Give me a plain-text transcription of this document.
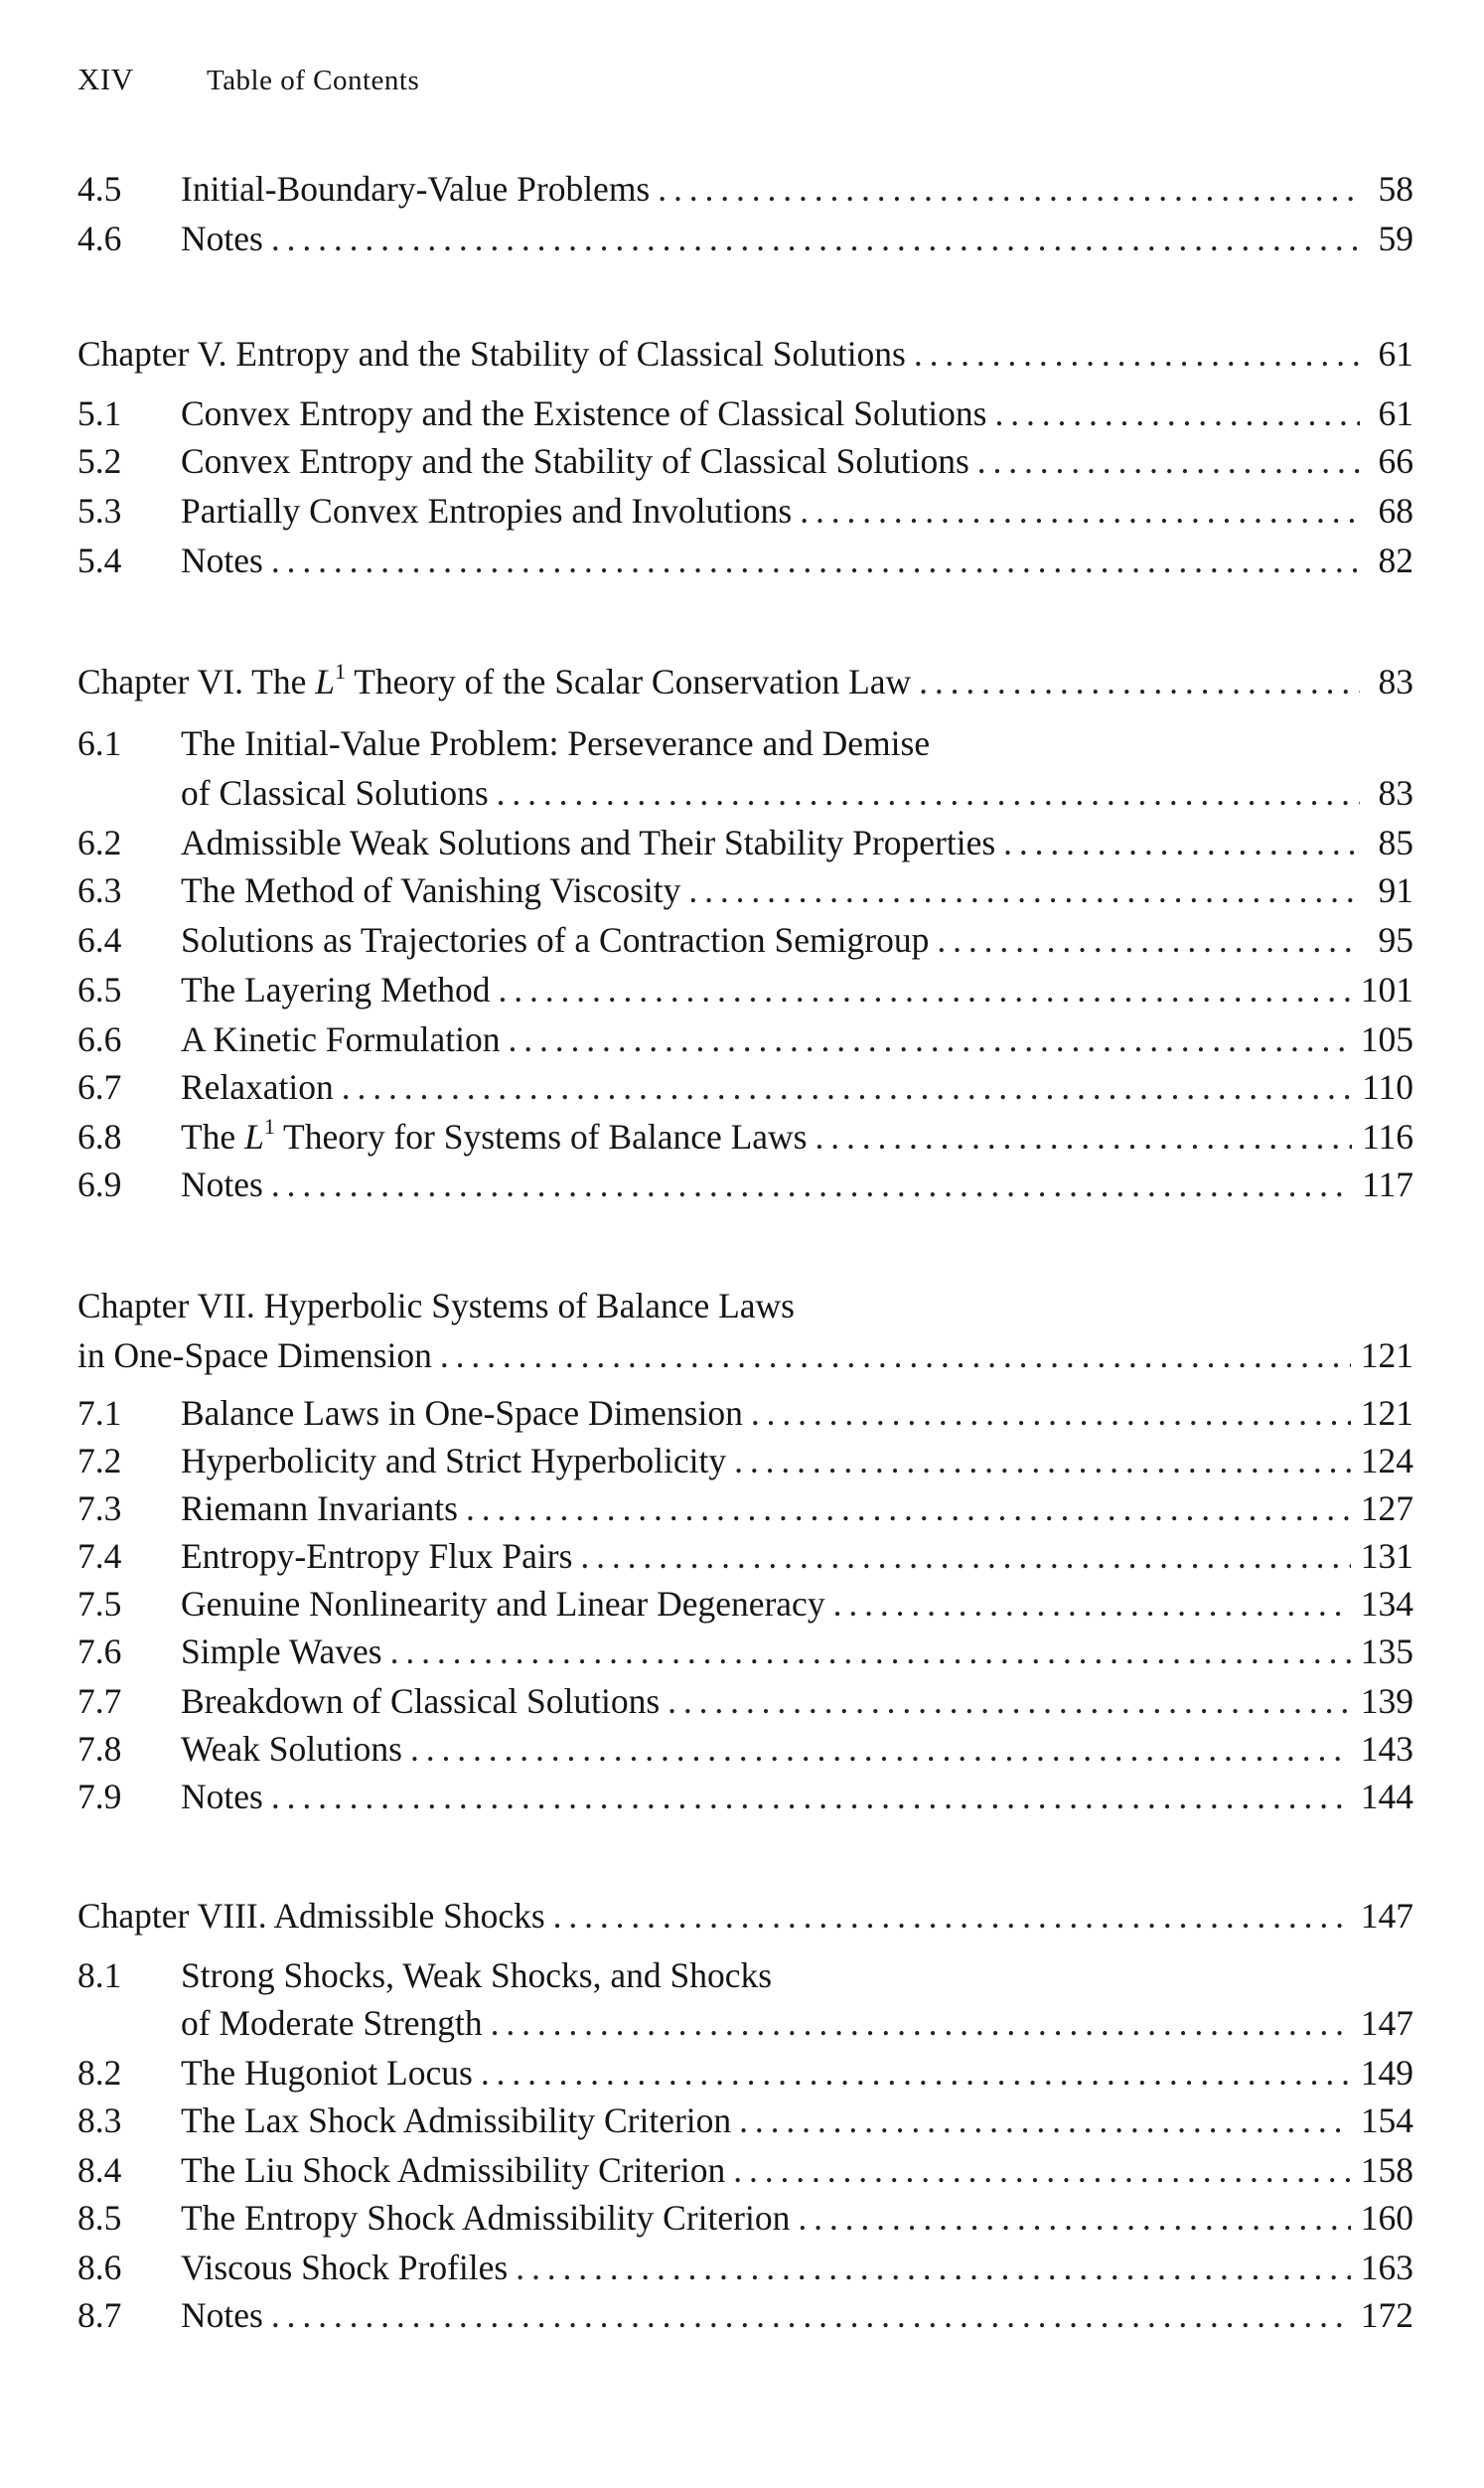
XIV	Table of Contents
4.5	Initial-Boundary-Value Problems . . .	58
4.6	Notes . . .	59
Chapter V. Entropy and the Stability of Classical Solutions . . .	61
5.1	Convex Entropy and the Existence of Classical Solutions . . .	61
5.2	Convex Entropy and the Stability of Classical Solutions . . .	66
5.3	Partially Convex Entropies and Involutions . . .	68
5.4	Notes . . .	82
Chapter VI. The $L^1$ Theory of the Scalar Conservation Law . . .	83
6.1	The Initial-Value Problem: Perseverance and Demise
of Classical Solutions . . .	83
6.2	Admissible Weak Solutions and Their Stability Properties . . .	85
6.3	The Method of Vanishing Viscosity . . .	91
6.4	Solutions as Trajectories of a Contraction Semigroup . . .	95
6.5	The Layering Method . . .	101
6.6	A Kinetic Formulation . . .	105
6.7	Relaxation . . .	110
6.8	The $L^1$ Theory for Systems of Balance Laws . . .	116
6.9	Notes . . .	117
Chapter VII. Hyperbolic Systems of Balance Laws
in One-Space Dimension . . .	121
7.1	Balance Laws in One-Space Dimension . . .	121
7.2	Hyperbolicity and Strict Hyperbolicity . . .	124
7.3	Riemann Invariants . . .	127
7.4	Entropy-Entropy Flux Pairs . . .	131
7.5	Genuine Nonlinearity and Linear Degeneracy . . .	134
7.6	Simple Waves . . .	135
7.7	Breakdown of Classical Solutions . . .	139
7.8	Weak Solutions . . .	143
7.9	Notes . . .	144
Chapter VIII. Admissible Shocks . . .	147
8.1	Strong Shocks, Weak Shocks, and Shocks
of Moderate Strength . . .	147
8.2	The Hugoniot Locus . . .	149
8.3	The Lax Shock Admissibility Criterion . . .	154
8.4	The Liu Shock Admissibility Criterion . . .	158
8.5	The Entropy Shock Admissibility Criterion . . .	160
8.6	Viscous Shock Profiles . . .	163
8.7	Notes . . .	172
